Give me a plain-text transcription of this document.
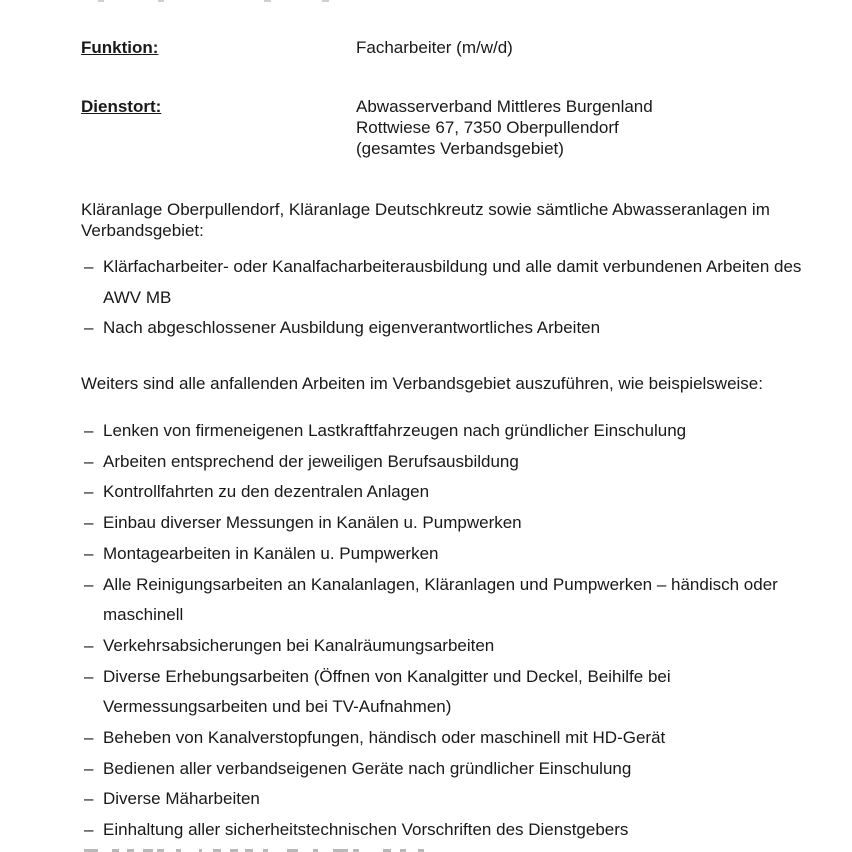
Funktion:	Facharbeiter (m/w/d)
Dienstort:	Abwasserverband Mittleres Burgenland
Rottwiese 67, 7350 Oberpullendorf
(gesamtes Verbandsgebiet)
Kläranlage Oberpullendorf, Kläranlage Deutschkreutz sowie sämtliche Abwasseranlagen im Verbandsgebiet:
– Klärfacharbeiter- oder Kanalfacharbeiterausbildung und alle damit verbundenen Arbeiten des AWV MB
– Nach abgeschlossener Ausbildung eigenverantwortliches Arbeiten
Weiters sind alle anfallenden Arbeiten im Verbandsgebiet auszuführen, wie beispielsweise:
– Lenken von firmeneigenen Lastkraftfahrzeugen nach gründlicher Einschulung
– Arbeiten entsprechend der jeweiligen Berufsausbildung
– Kontrollfahrten zu den dezentralen Anlagen
– Einbau diverser Messungen in Kanälen u. Pumpwerken
– Montagearbeiten in Kanälen u. Pumpwerken
– Alle Reinigungsarbeiten an Kanalanlagen, Kläranlagen und Pumpwerken – händisch oder maschinell
– Verkehrsabsicherungen bei Kanalräumungsarbeiten
– Diverse Erhebungsarbeiten (Öffnen von Kanalgitter und Deckel, Beihilfe bei Vermessungsarbeiten und bei TV-Aufnahmen)
– Beheben von Kanalverstopfungen, händisch oder maschinell mit HD-Gerät
– Bedienen aller verbandseigenen Geräte nach gründlicher Einschulung
– Diverse Mäharbeiten
– Einhaltung aller sicherheitstechnischen Vorschriften des Dienstgebers
